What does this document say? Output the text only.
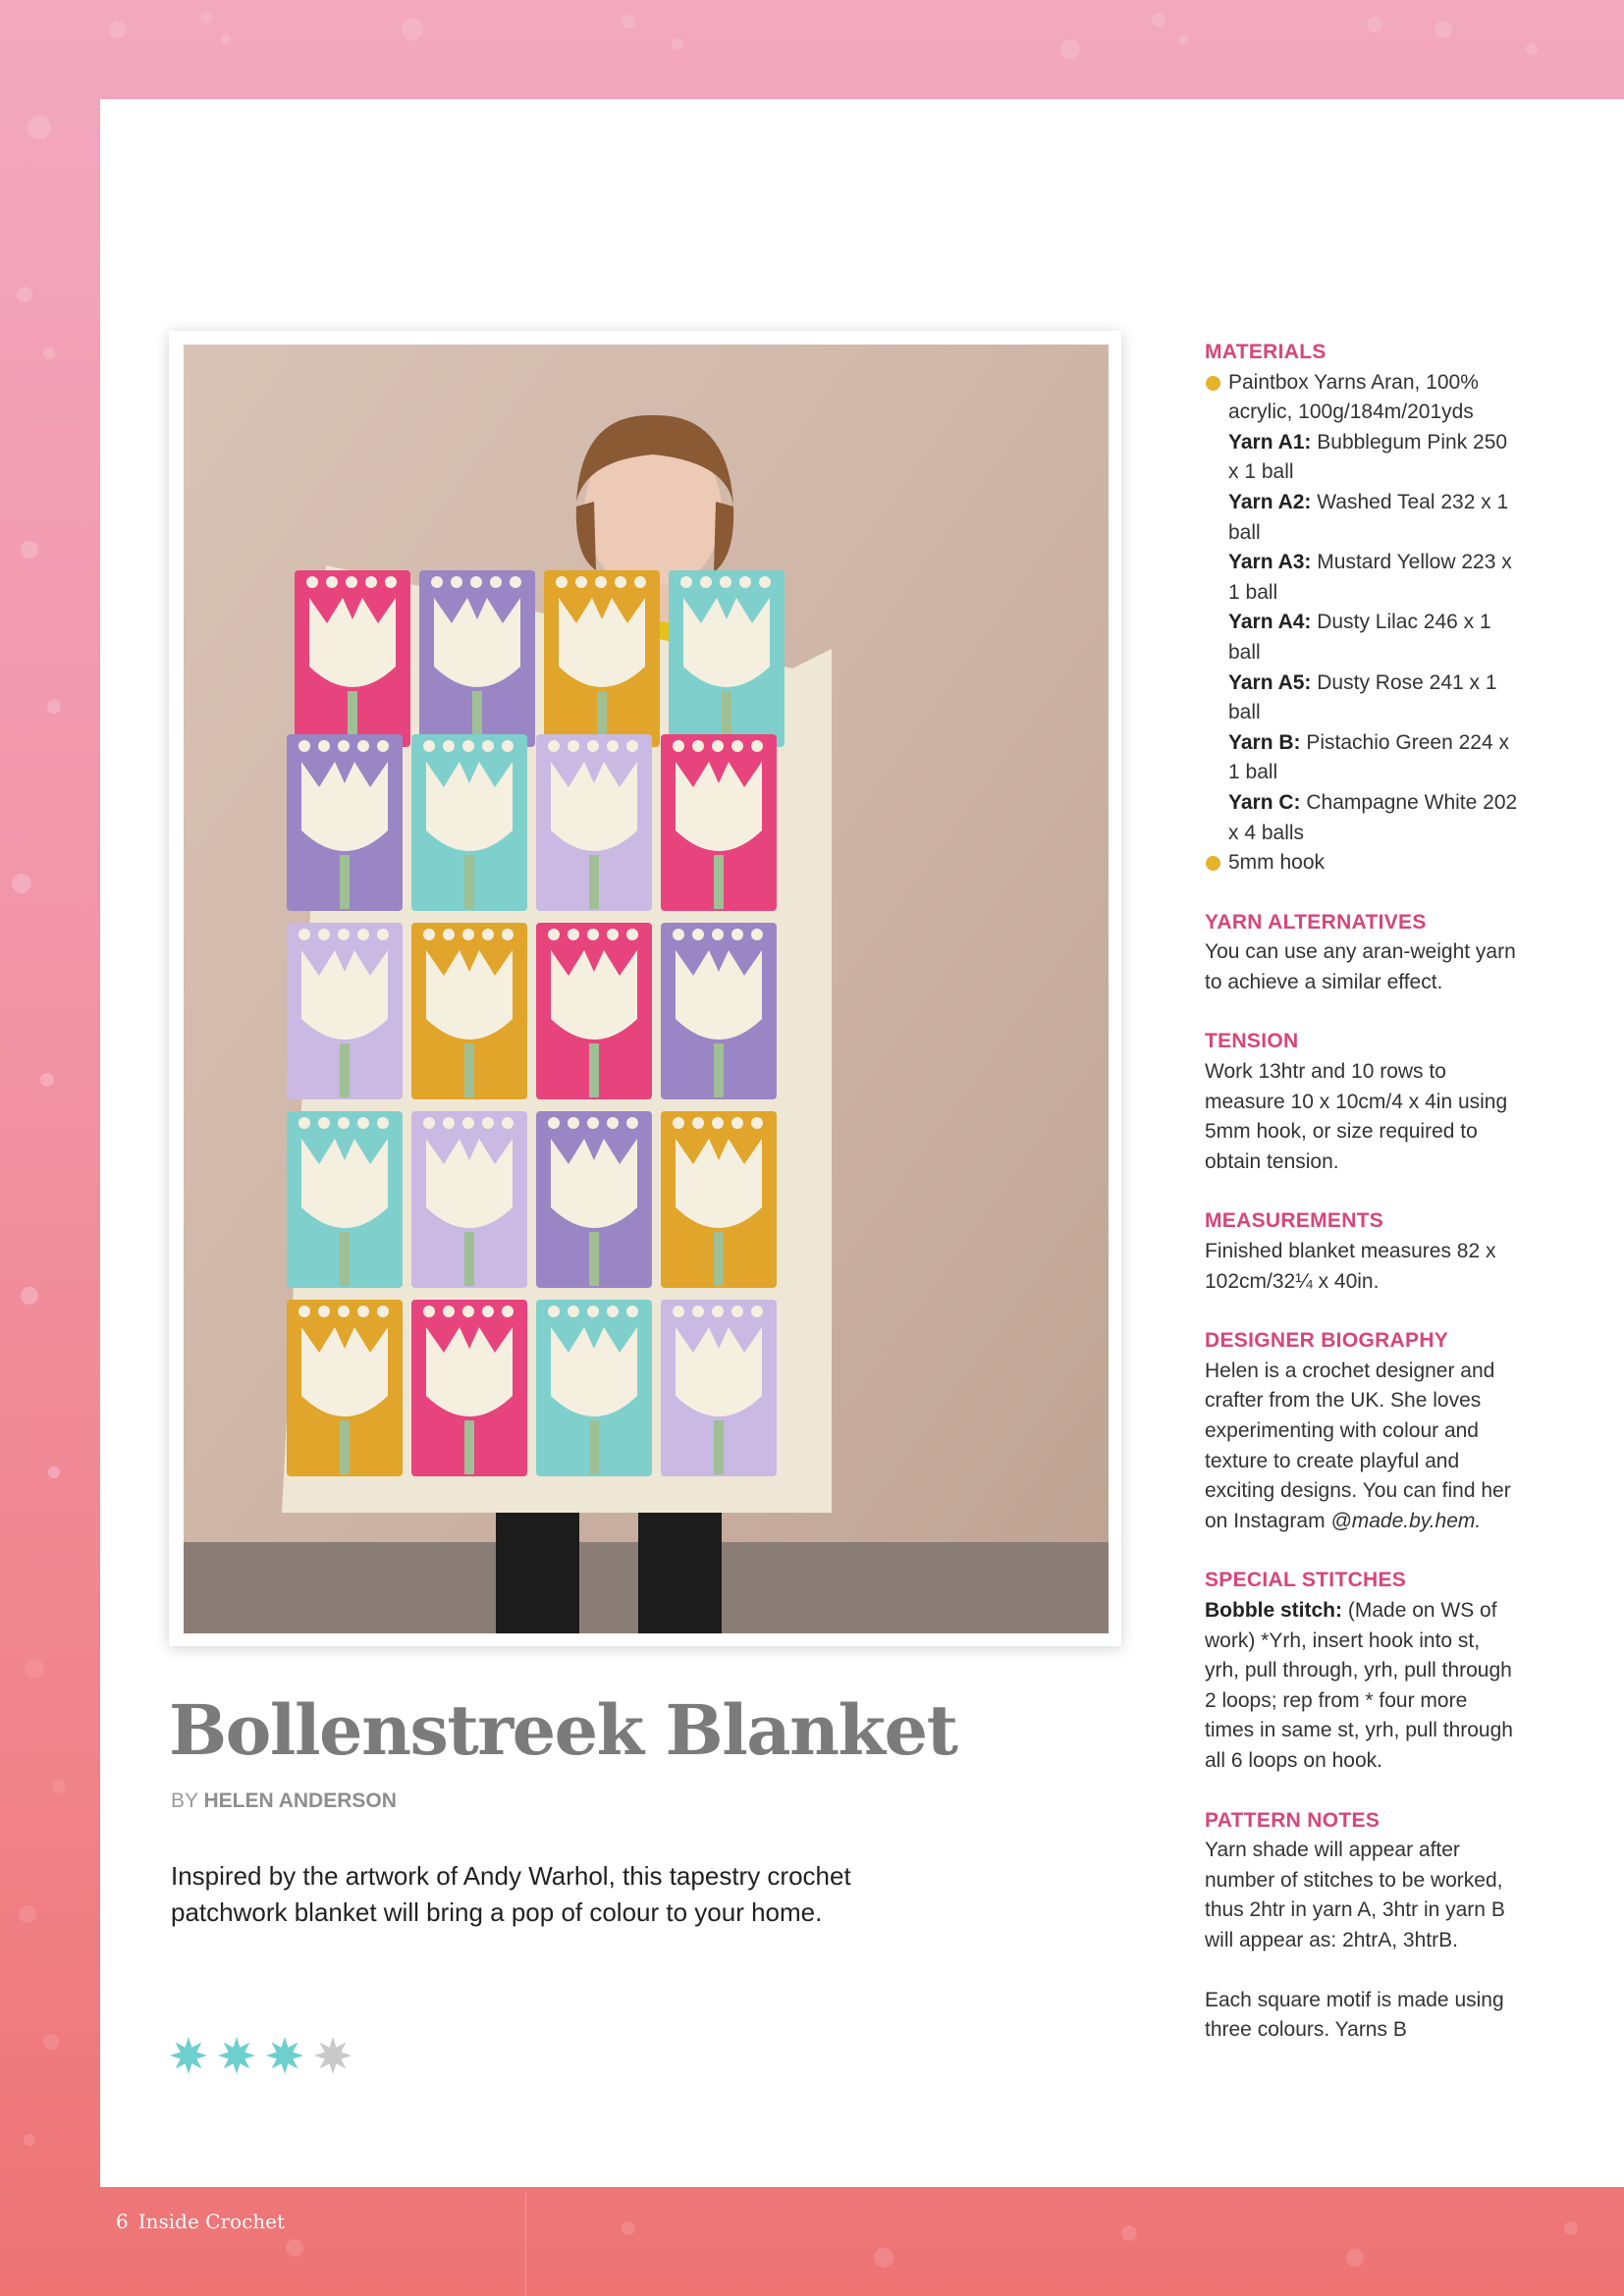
Bollenstreek Blanket
BY HELEN ANDERSON

Inspired by the artwork of Andy Warhol, this tapestry crochet patchwork blanket will bring a pop of colour to your home.

MATERIALS
Paintbox Yarns Aran, 100% acrylic, 100g/184m/201yds
Yarn A1: Bubblegum Pink 250 x 1 ball
Yarn A2: Washed Teal 232 x 1 ball
Yarn A3: Mustard Yellow 223 x 1 ball
Yarn A4: Dusty Lilac 246 x 1 ball
Yarn A5: Dusty Rose 241 x 1 ball
Yarn B: Pistachio Green 224 x 1 ball
Yarn C: Champagne White 202 x 4 balls
5mm hook
YARN ALTERNATIVES

You can use any aran-weight yarn to achieve a similar effect.

TENSION

Work 13htr and 10 rows to measure 10 x 10cm/4 x 4in using 5mm hook, or size required to obtain tension.

MEASUREMENTS

Finished blanket measures 82 x 102cm/32¼ x 40in.

DESIGNER BIOGRAPHY

Helen is a crochet designer and crafter from the UK. She loves experimenting with colour and texture to create playful and exciting designs. You can find her on Instagram @made.by.hem.

SPECIAL STITCHES

Bobble stitch: (Made on WS of work) *Yrh, insert hook into st, yrh, pull through, yrh, pull through 2 loops; rep from * four more times in same st, yrh, pull through all 6 loops on hook.

PATTERN NOTES

Yarn shade will appear after number of stitches to be worked, thus 2htr in yarn A, 3htr in yarn B will appear as: 2htrA, 3htrB.

Each square motif is made using three colours. Yarns B

6 Inside Crochet
